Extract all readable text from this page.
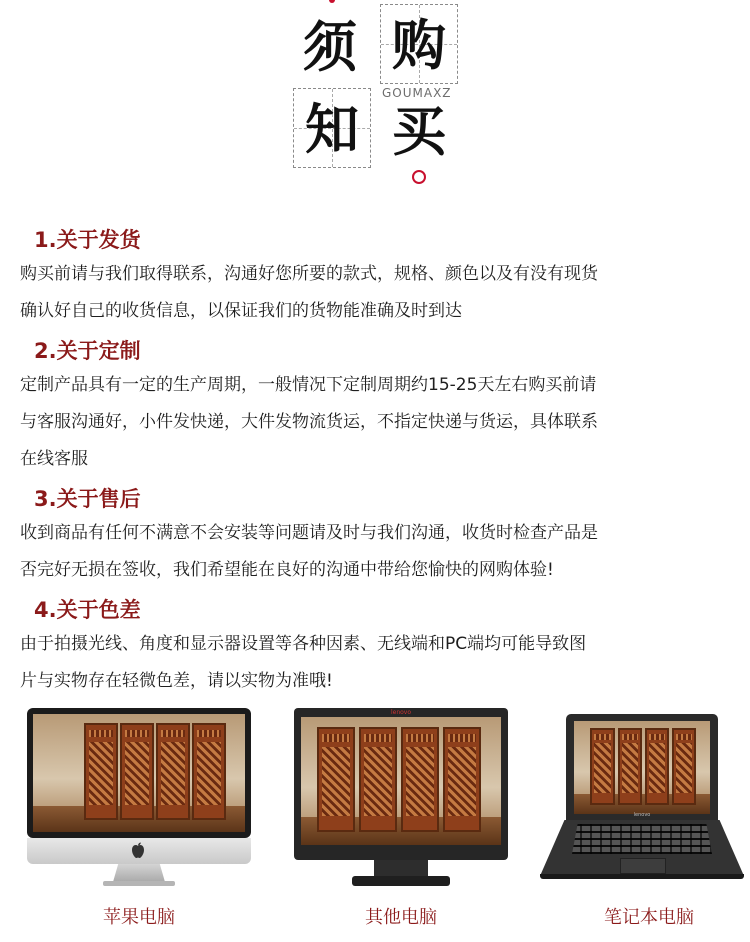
须 购
GOUMAXZ
知 买
1.关于发货
购买前请与我们取得联系，沟通好您所要的款式，规格、颜色以及有没有现货
确认好自己的收货信息，以保证我们的货物能准确及时到达
2.关于定制
定制产品具有一定的生产周期，一般情况下定制周期约15-25天左右购买前请
与客服沟通好，小件发快递，大件发物流货运，不指定快递与货运，具体联系
在线客服
3.关于售后
收到商品有任何不满意不会安装等问题请及时与我们沟通，收货时检查产品是
否完好无损在签收，我们希望能在良好的沟通中带给您愉快的网购体验!
4.关于色差
由于拍摄光线、角度和显示器设置等各种因素、无线端和PC端均可能导致图
片与实物存在轻微色差，请以实物为准哦!
苹果电脑
lenovo
其他电脑
lenovo
笔记本电脑
